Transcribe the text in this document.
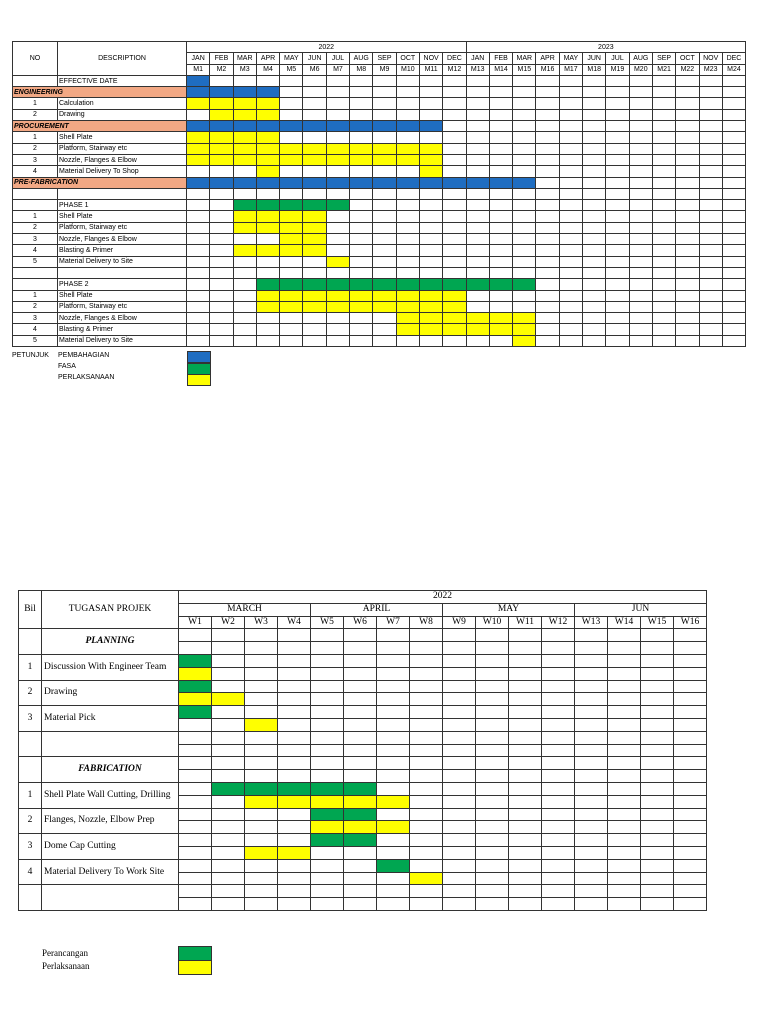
NO	DESCRIPTION	2022												2023											
		JAN	FEB	MAR	APR	MAY	JUN	JUL	AUG	SEP	OCT	NOV	DEC	JAN	FEB	MAR	APR	MAY	JUN	JUL	AUG	SEP	OCT	NOV	DEC
		M1	M2	M3	M4	M5	M6	M7	M8	M9	M10	M11	M12	M13	M14	M15	M16	M17	M18	M19	M20	M21	M22	M23	M24
	EFFECTIVE DATE																								
ENGINEERING																									
1	Calculation																								
2	Drawing																								
PROCUREMENT																									
1	Shell Plate																								
2	Platform, Stairway etc																								
3	Nozzle, Flanges & Elbow																								
4	Material Delivery To Shop																								
PRE-FABRICATION																									

	PHASE 1																								
1	Shell Plate																								
2	Platform, Stairway etc																								
3	Nozzle, Flanges & Elbow																								
4	Blasting & Primer																								
5	Material Delivery to Site																								

	PHASE 2																								
1	Shell Plate																								
2	Platform, Stairway etc																								
3	Nozzle, Flanges & Elbow																								
4	Blasting & Primer																								
5	Material Delivery to Site																								
PETUNJUK PEMBAHAGIAN
FASA
PERLAKSANAAN
Bil	TUGASAN PROJEK	2022															
		MARCH				APRIL				MAY				JUN			
		W1	W2	W3	W4	W5	W6	W7	W8	W9	W10	W11	W12	W13	W14	W15	W16
	PLANNING																

1	Discussion With Engineer Team																

2	Drawing																

3	Material Pick																

	FABRICATION																

1	Shell Plate Wall Cutting, Drilling																

2	Flanges, Nozzle, Elbow Prep																

3	Dome Cap Cutting																

4	Material Delivery To Work Site																

Perancangan
Perlaksanaan
